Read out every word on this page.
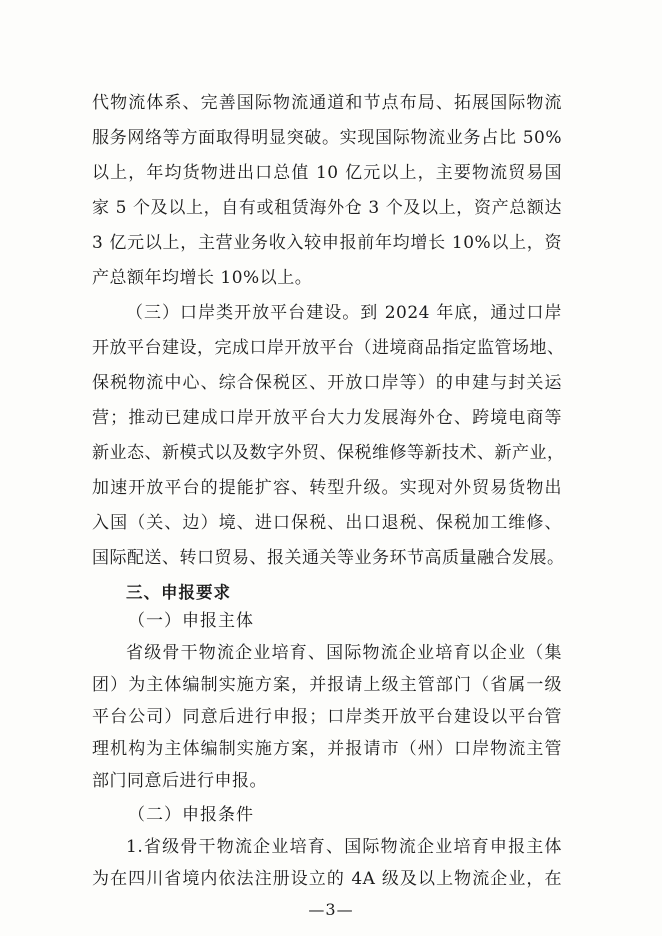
代物流体系、完善国际物流通道和节点布局、拓展国际物流
服务网络等方面取得明显突破。实现国际物流业务占比 50%
以上，年均货物进出口总值 10 亿元以上，主要物流贸易国
家 5 个及以上，自有或租赁海外仓 3 个及以上，资产总额达
3 亿元以上，主营业务收入较申报前年均增长 10%以上，资
产总额年均增长 10%以上。
（三）口岸类开放平台建设。到 2024 年底，通过口岸
开放平台建设，完成口岸开放平台（进境商品指定监管场地、
保税物流中心、综合保税区、开放口岸等）的申建与封关运
营；推动已建成口岸开放平台大力发展海外仓、跨境电商等
新业态、新模式以及数字外贸、保税维修等新技术、新产业，
加速开放平台的提能扩容、转型升级。实现对外贸易货物出
入国（关、边）境、进口保税、出口退税、保税加工维修、
国际配送、转口贸易、报关通关等业务环节高质量融合发展。
三、申报要求
（一）申报主体
省级骨干物流企业培育、国际物流企业培育以企业（集
团）为主体编制实施方案，并报请上级主管部门（省属一级
平台公司）同意后进行申报；口岸类开放平台建设以平台管
理机构为主体编制实施方案，并报请市（州）口岸物流主管
部门同意后进行申报。
—3—
（二）申报条件
1.省级骨干物流企业培育、国际物流企业培育申报主体
为在四川省境内依法注册设立的 4A 级及以上物流企业，在
